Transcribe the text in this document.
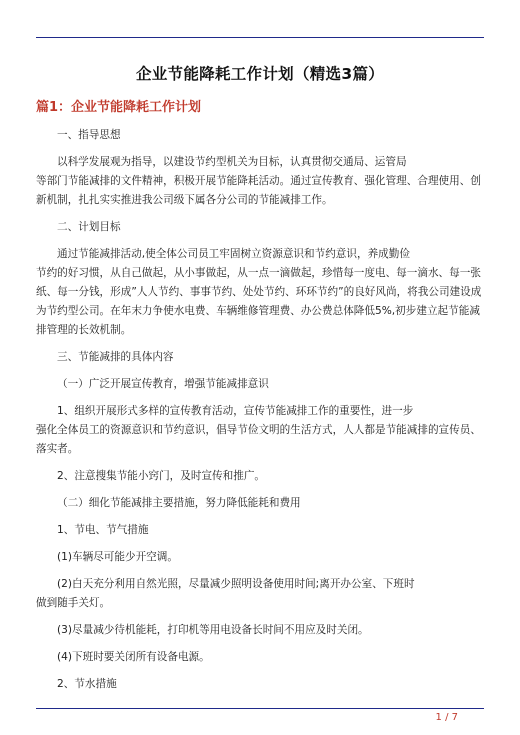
企业节能降耗工作计划（精选3篇）
篇1：企业节能降耗工作计划

一、指导思想

以科学发展观为指导，以建设节约型机关为目标，认真贯彻交通局、运管局

等部门节能减排的文件精神，积极开展节能降耗活动。通过宣传教育、强化管理、合理使用、创新机制，扎扎实实推进我公司级下属各分公司的节能减排工作。

二、计划目标

通过节能减排活动,使全体公司员工牢固树立资源意识和节约意识，养成勤俭

节约的好习惯，从自己做起，从小事做起，从一点一滴做起，珍惜每一度电、每一滴水、每一张纸、每一分钱，形成”人人节约、事事节约、处处节约、环环节约”的良好风尚，将我公司建设成为节约型公司。在年末力争使水电费、车辆维修管理费、办公费总体降低5%,初步建立起节能减排管理的长效机制。

三、节能减排的具体内容

（一）广泛开展宣传教育，增强节能减排意识

1、组织开展形式多样的宣传教育活动，宣传节能减排工作的重要性，进一步

强化全体员工的资源意识和节约意识，倡导节俭文明的生活方式，人人都是节能减排的宣传员、落实者。

2、注意搜集节能小窍门，及时宣传和推广。

（二）细化节能减排主要措施，努力降低能耗和费用

1、节电、节气措施

(1)车辆尽可能少开空调。

(2)白天充分利用自然光照，尽量减少照明设备使用时间;离开办公室、下班时

做到随手关灯。

(3)尽量减少待机能耗，打印机等用电设备长时间不用应及时关闭。

(4)下班时要关闭所有设备电源。

2、节水措施

1 / 7
